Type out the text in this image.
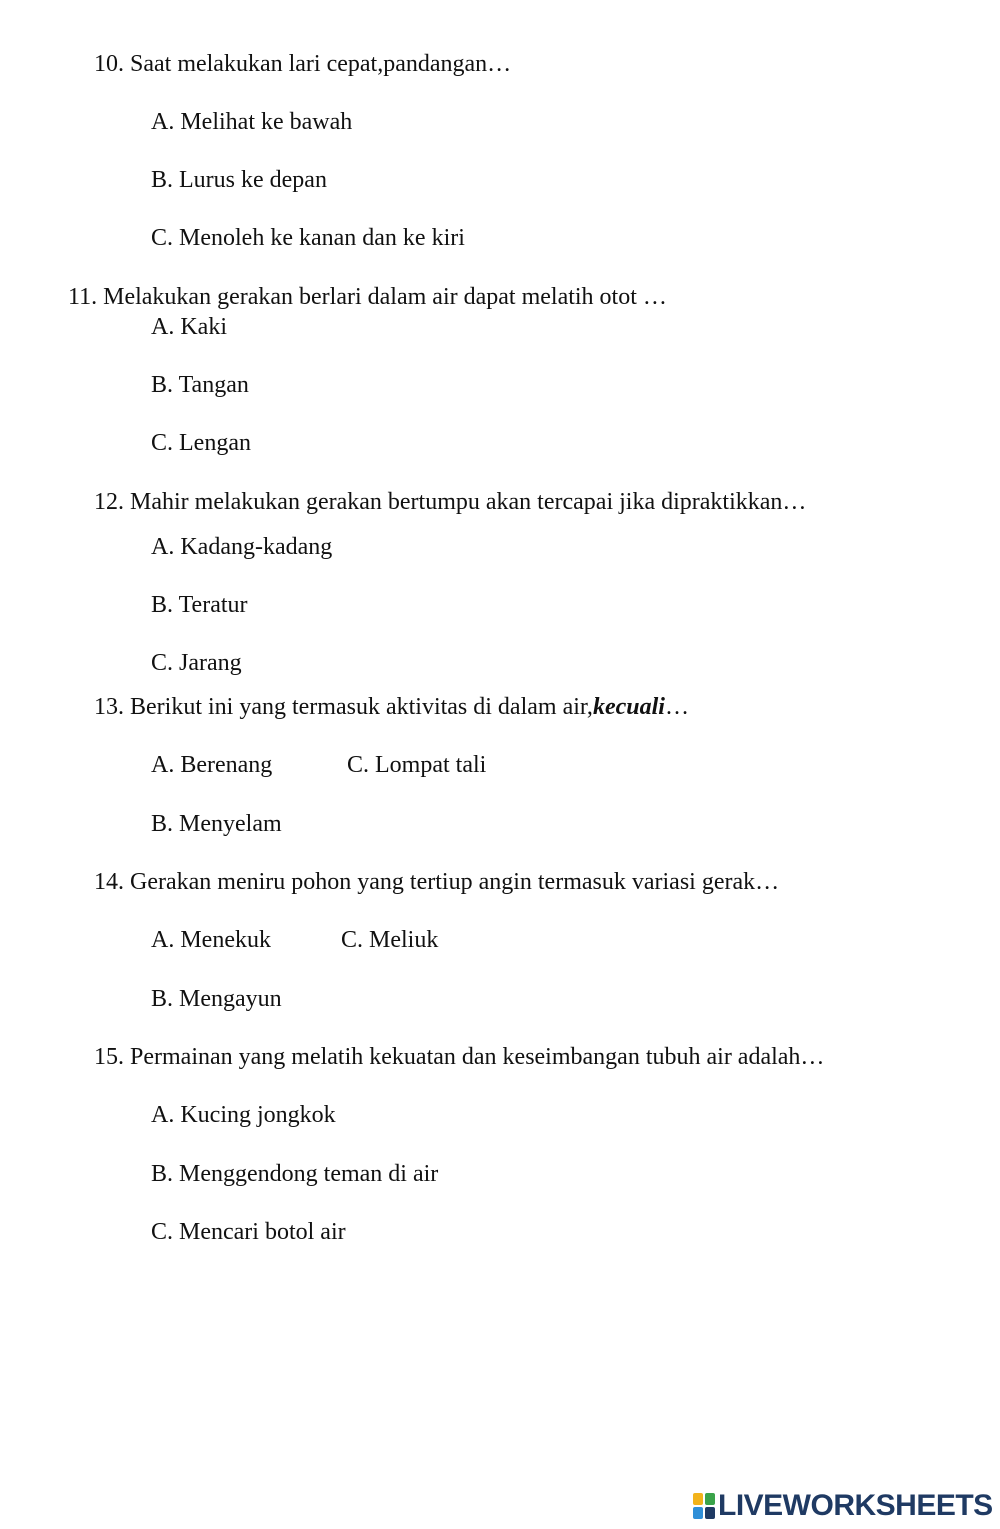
10. Saat melakukan lari cepat,pandangan…
A. Melihat ke bawah
B. Lurus ke depan
C. Menoleh ke kanan dan ke kiri
11. Melakukan gerakan berlari dalam air dapat melatih otot …
A. Kaki
B. Tangan
C. Lengan
12. Mahir melakukan gerakan bertumpu akan tercapai jika dipraktikkan…
A. Kadang-kadang
B. Teratur
C. Jarang
13. Berikut ini yang termasuk aktivitas di dalam air,kecuali…
A. Berenang	C. Lompat tali
B. Menyelam
14. Gerakan meniru pohon yang tertiup angin termasuk variasi gerak…
A. Menekuk	C. Meliuk
B. Mengayun
15. Permainan yang melatih kekuatan dan keseimbangan tubuh air adalah…
A. Kucing jongkok
B. Menggendong teman di air
C. Mencari botol air
LIVEWORKSHEETS
